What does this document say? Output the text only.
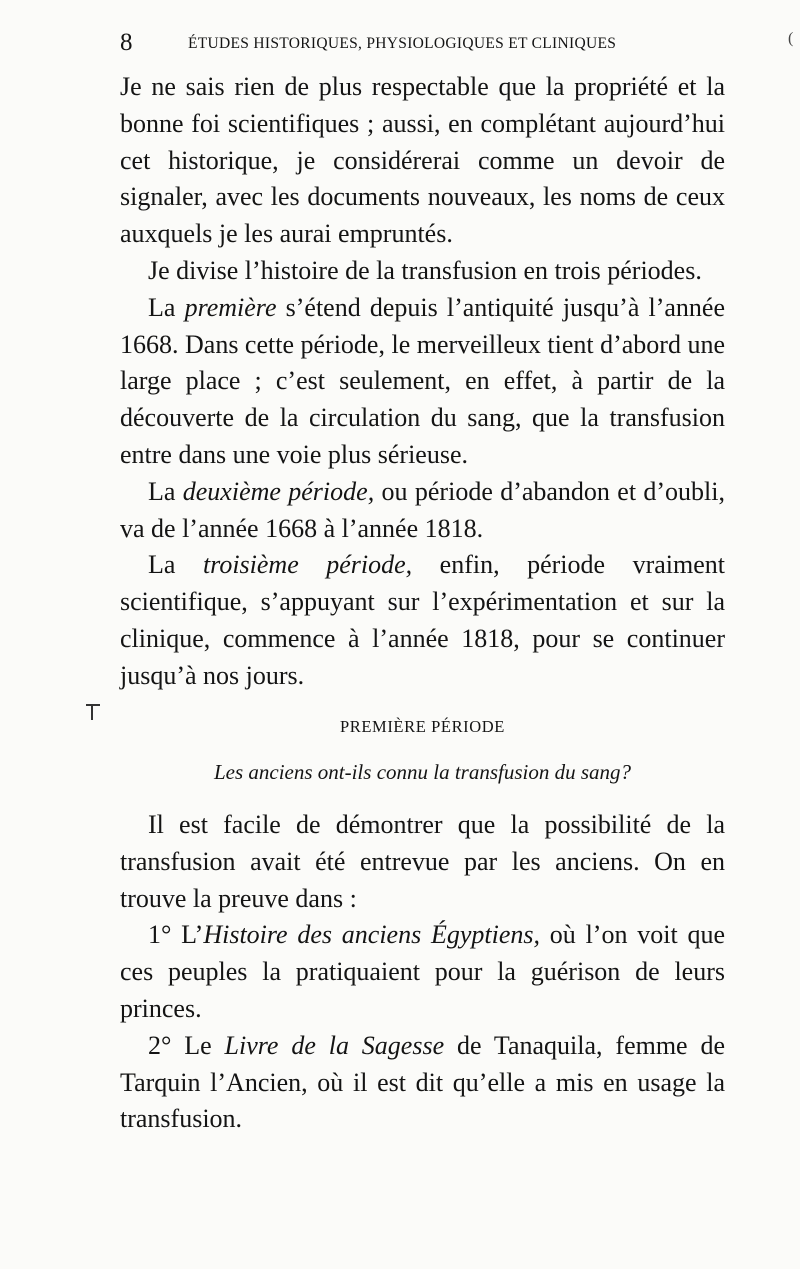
8	ÉTUDES HISTORIQUES, PHYSIOLOGIQUES ET CLINIQUES	(

Je ne sais rien de plus respectable que la propriété et la bonne foi scientifiques ; aussi, en complétant aujourd’hui cet historique, je considérerai comme un devoir de signaler, avec les documents nouveaux, les noms de ceux auxquels je les aurai empruntés.

Je divise l’histoire de la transfusion en trois périodes.

La première s’étend depuis l’antiquité jusqu’à l’année 1668. Dans cette période, le merveilleux tient d’abord une large place ; c’est seulement, en effet, à partir de la découverte de la circulation du sang, que la transfusion entre dans une voie plus sérieuse.

La deuxième période, ou période d’abandon et d’oubli, va de l’année 1668 à l’année 1818.

La troisième période, enfin, période vraiment scientifique, s’appuyant sur l’expérimentation et sur la clinique, commence à l’année 1818, pour se continuer jusqu’à nos jours.

PREMIÈRE PÉRIODE
Les anciens ont-ils connu la transfusion du sang?

Il est facile de démontrer que la possibilité de la transfusion avait été entrevue par les anciens. On en trouve la preuve dans :

1° L’Histoire des anciens Égyptiens, où l’on voit que ces peuples la pratiquaient pour la guérison de leurs princes.

2° Le Livre de la Sagesse de Tanaquila, femme de Tarquin l’Ancien, où il est dit qu’elle a mis en usage la transfusion.
